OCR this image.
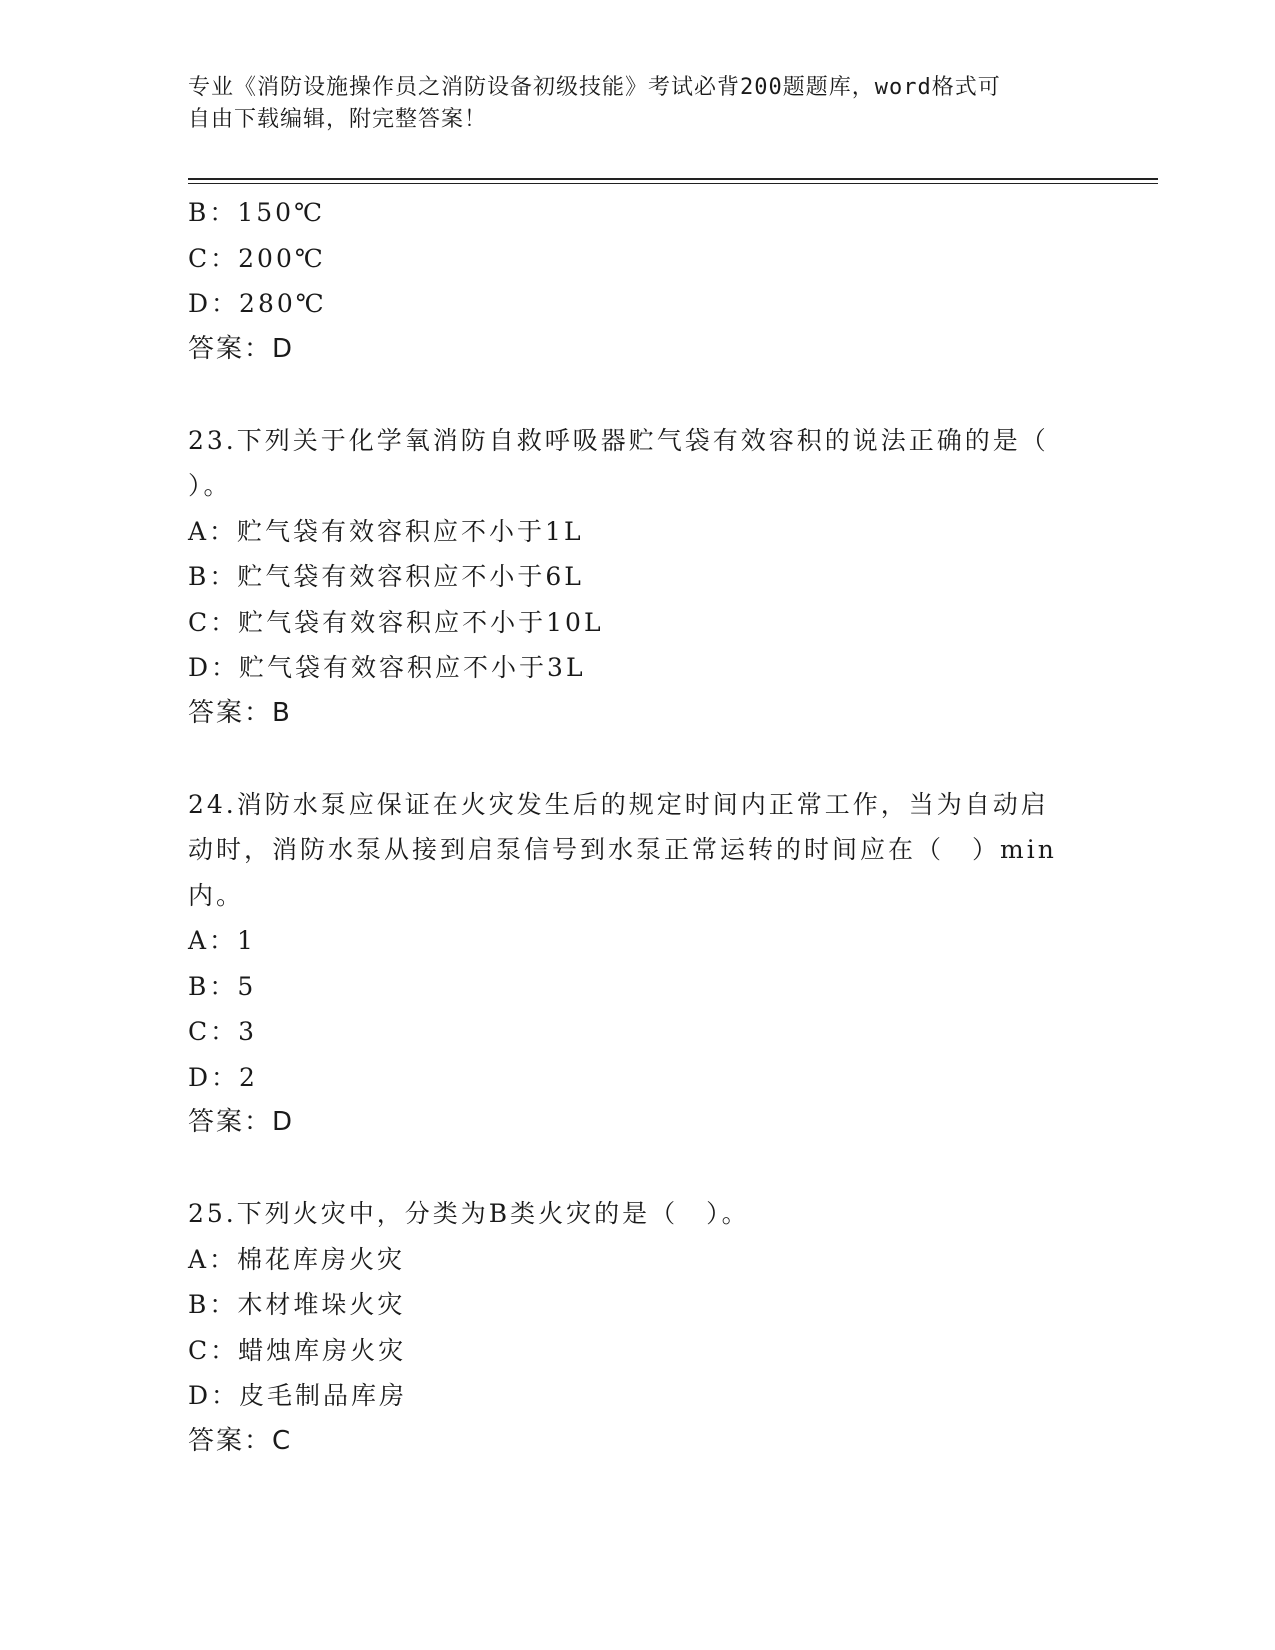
专业《消防设施操作员之消防设备初级技能》考试必背200题题库，word格式可
自由下载编辑，附完整答案！
B：150℃
C：200℃
D：280℃
答案：D
23.下列关于化学氧消防自救呼吸器贮气袋有效容积的说法正确的是（
）。
A：贮气袋有效容积应不小于1L
B：贮气袋有效容积应不小于6L
C：贮气袋有效容积应不小于10L
D：贮气袋有效容积应不小于3L
答案：B
24.消防水泵应保证在火灾发生后的规定时间内正常工作，当为自动启
动时，消防水泵从接到启泵信号到水泵正常运转的时间应在（　）min
内。
A：1
B：5
C：3
D：2
答案：D
25.下列火灾中，分类为B类火灾的是（　）。
A：棉花库房火灾
B：木材堆垛火灾
C：蜡烛库房火灾
D：皮毛制品库房
答案：C
